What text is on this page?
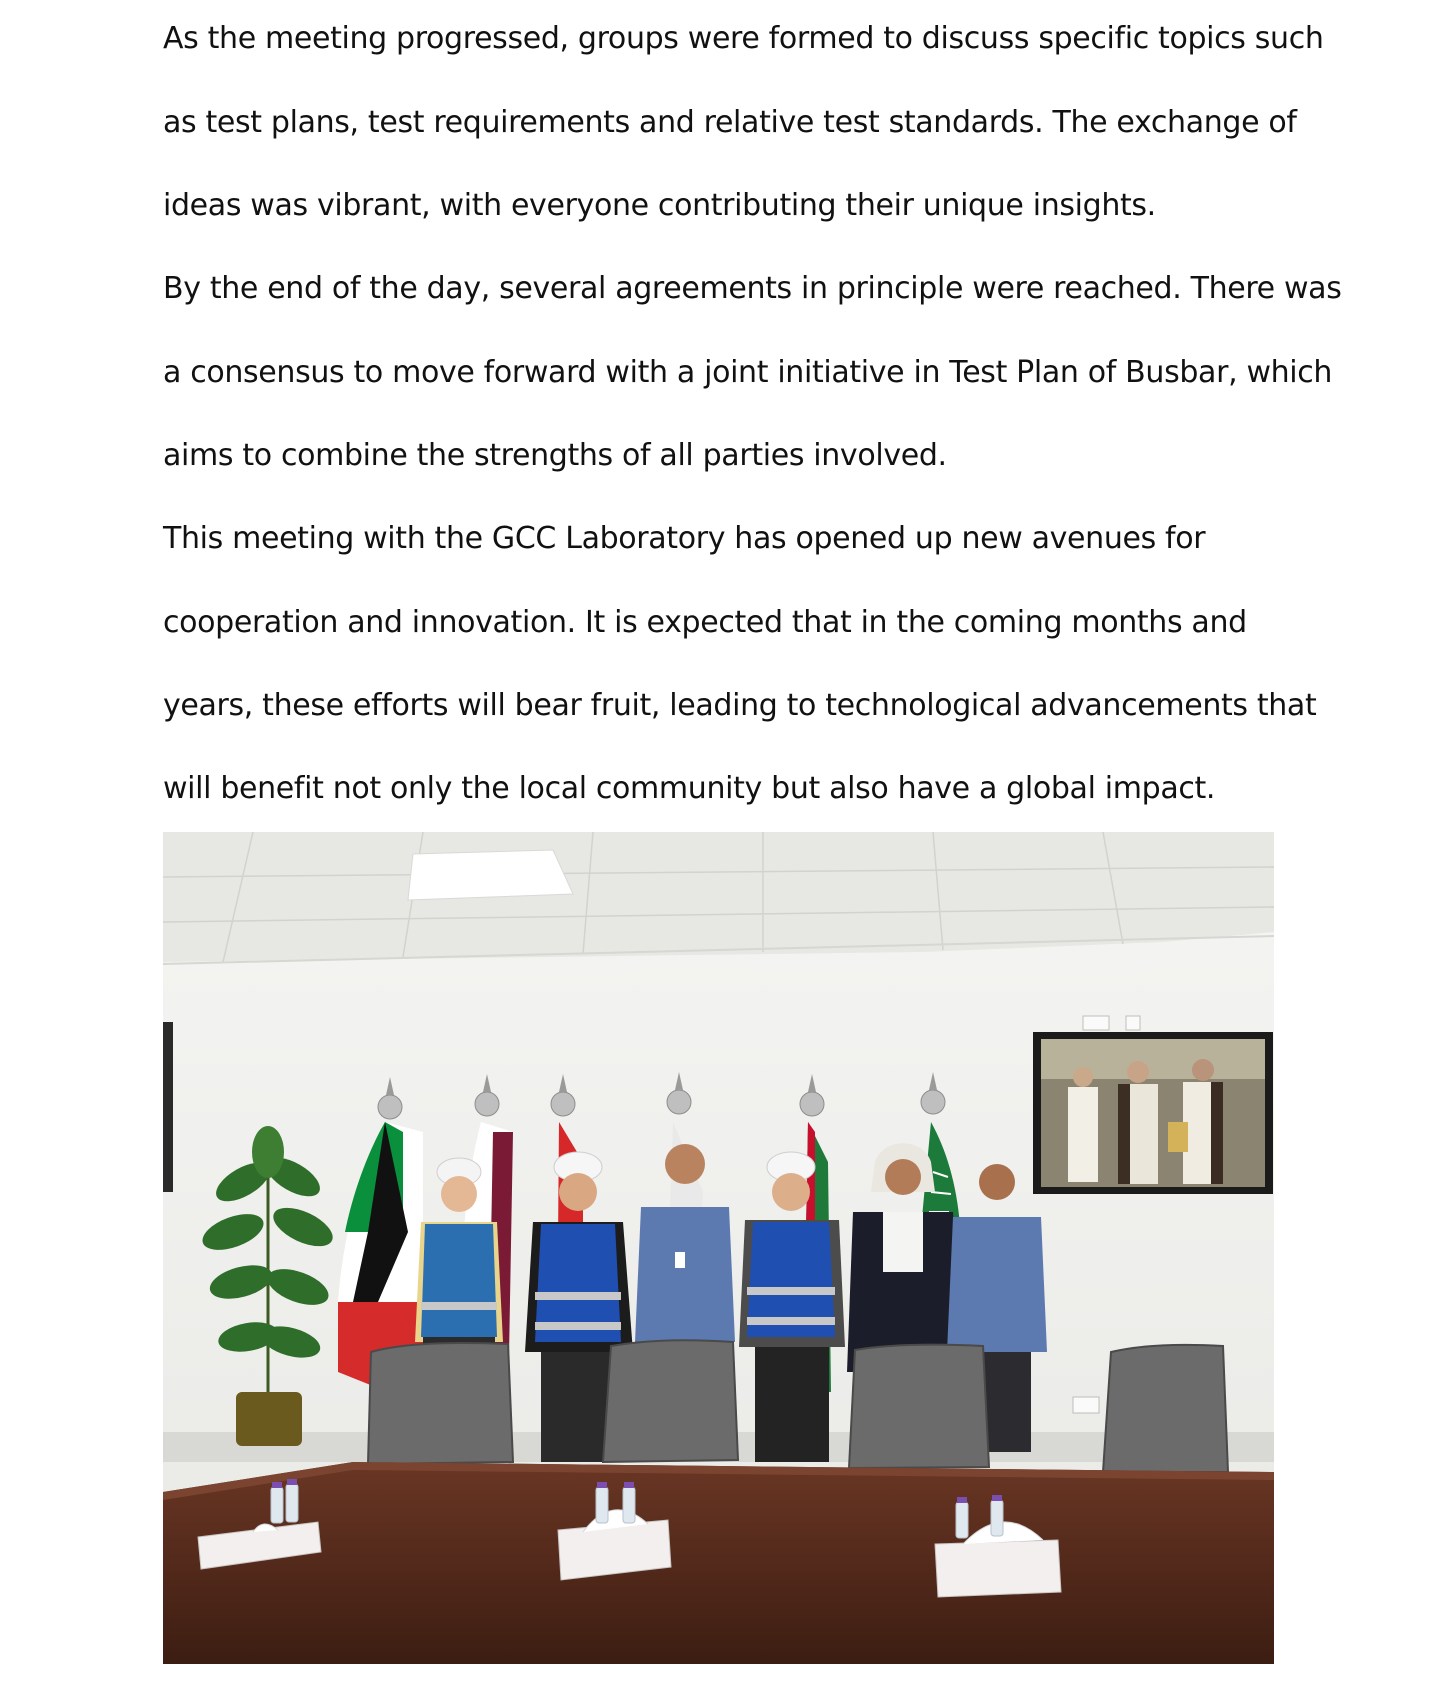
As the meeting progressed, groups were formed to discuss specific topics such
as test plans, test requirements and relative test standards. The exchange of
ideas was vibrant, with everyone contributing their unique insights.
By the end of the day, several agreements in principle were reached. There was
a consensus to move forward with a joint initiative in Test Plan of Busbar, which
aims to combine the strengths of all parties involved.
This meeting with the GCC Laboratory has opened up new avenues for
cooperation and innovation. It is expected that in the coming months and
years, these efforts will bear fruit, leading to technological advancements that
will benefit not only the local community but also have a global impact.
